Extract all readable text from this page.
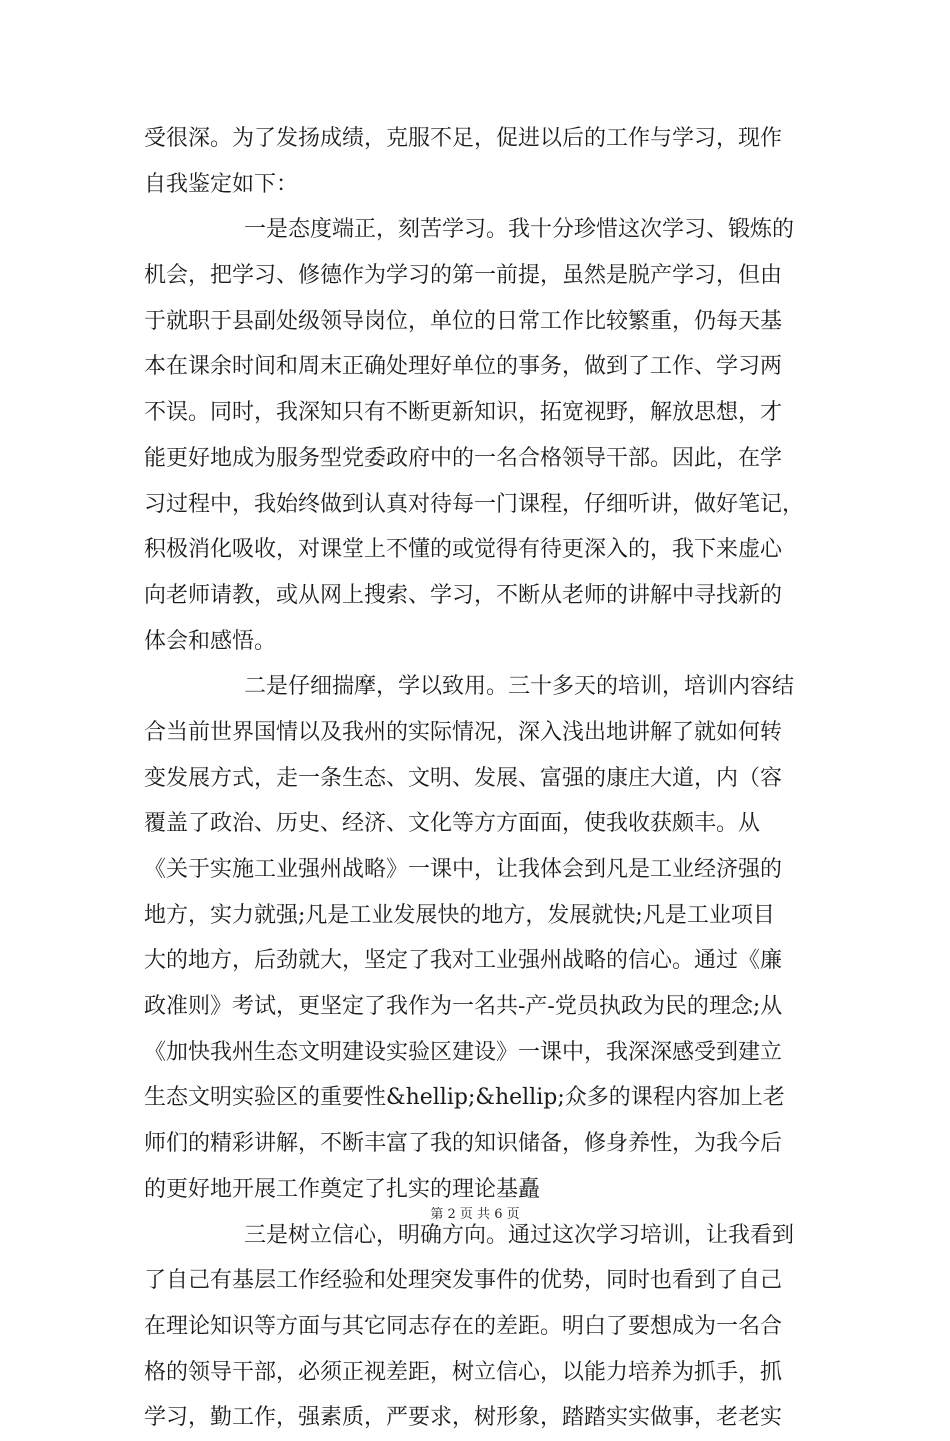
受很深。为了发扬成绩，克服不足，促进以后的工作与学习，现作
自我鉴定如下：
一是态度端正，刻苦学习。我十分珍惜这次学习、锻炼的
机会，把学习、修德作为学习的第一前提，虽然是脱产学习，但由
于就职于县副处级领导岗位，单位的日常工作比较繁重，仍每天基
本在课余时间和周末正确处理好单位的事务，做到了工作、学习两
不误。同时，我深知只有不断更新知识，拓宽视野，解放思想，才
能更好地成为服务型党委政府中的一名合格领导干部。因此，在学
习过程中，我始终做到认真对待每一门课程，仔细听讲，做好笔记，
积极消化吸收，对课堂上不懂的或觉得有待更深入的，我下来虚心
向老师请教，或从网上搜索、学习，不断从老师的讲解中寻找新的
体会和感悟。
二是仔细揣摩，学以致用。三十多天的培训，培训内容结
合当前世界国情以及我州的实际情况，深入浅出地讲解了就如何转
变发展方式，走一条生态、文明、发展、富强的康庄大道，内（容
覆盖了政治、历史、经济、文化等方方面面，使我收获颇丰。从
《关于实施工业强州战略》一课中，让我体会到凡是工业经济强的
地方，实力就强;凡是工业发展快的地方，发展就快;凡是工业项目
大的地方，后劲就大，坚定了我对工业强州战略的信心。通过《廉
政准则》考试，更坚定了我作为一名共-产-党员执政为民的理念;从
《加快我州生态文明建设实验区建设》一课中，我深深感受到建立
生态文明实验区的重要性&hellip;&hellip;众多的课程内容加上老
师们的精彩讲解，不断丰富了我的知识储备，修身养性，为我今后
的更好地开展工作奠定了扎实的理论基矗
三是树立信心，明确方向。通过这次学习培训，让我看到
了自己有基层工作经验和处理突发事件的优势，同时也看到了自己
在理论知识等方面与其它同志存在的差距。明白了要想成为一名合
格的领导干部，必须正视差距，树立信心，以能力培养为抓手，抓
学习，勤工作，强素质，严要求，树形象，踏踏实实做事，老老实
第 2 页 共 6 页
